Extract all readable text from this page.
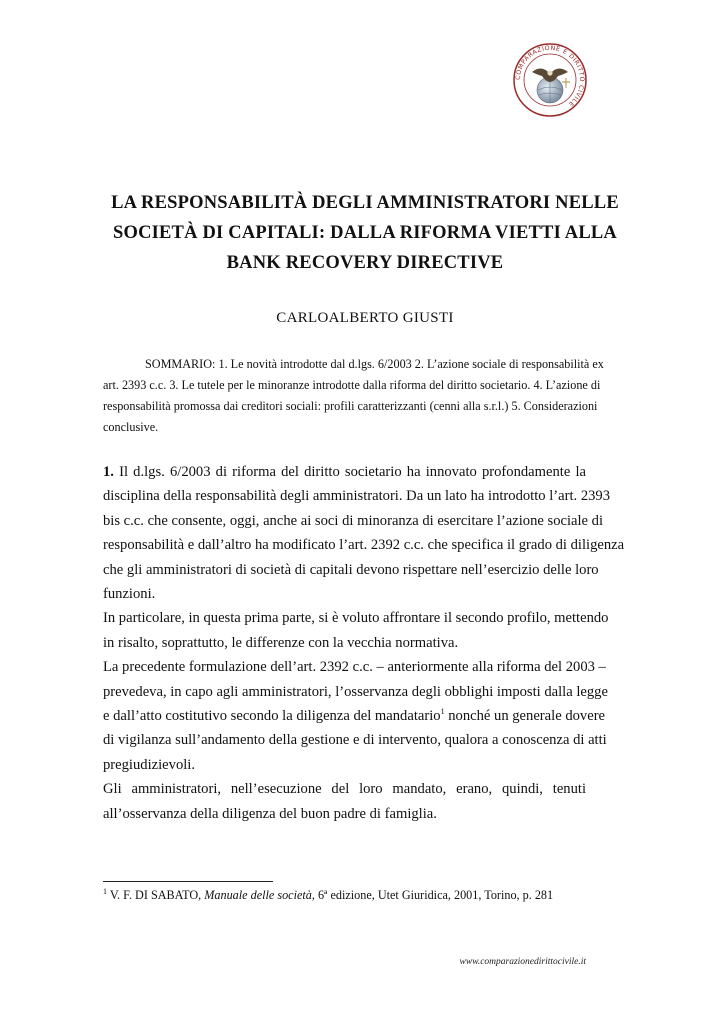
COMPARAZIONE E DIRITTO CIVILE
LA RESPONSABILITÀ DEGLI AMMINISTRATORI NELLE
SOCIETÀ DI CAPITALI: DALLA RIFORMA VIETTI ALLA
BANK RECOVERY DIRECTIVE
CARLOALBERTO GIUSTI
SOMMARIO: 1. Le novità introdotte dal d.lgs. 6/2003 2. L’azione sociale di responsabilità ex
art. 2393 c.c. 3. Le tutele per le minoranze introdotte dalla riforma del diritto societario. 4. L’azione di
responsabilità promossa dai creditori sociali: profili caratterizzanti (cenni alla s.r.l.) 5. Considerazioni
conclusive.
1. Il d.lgs. 6/2003 di riforma del diritto societario ha innovato profondamente la
disciplina della responsabilità degli amministratori. Da un lato ha introdotto l’art. 2393
bis c.c. che consente, oggi, anche ai soci di minoranza di esercitare l’azione sociale di
responsabilità e dall’altro ha modificato l’art. 2392 c.c. che specifica il grado di diligenza
che gli amministratori di società di capitali devono rispettare nell’esercizio delle loro
funzioni.
In particolare, in questa prima parte, si è voluto affrontare il secondo profilo, mettendo
in risalto, soprattutto, le differenze con la vecchia normativa.
La precedente formulazione dell’art. 2392 c.c. – anteriormente alla riforma del 2003 –
prevedeva, in capo agli amministratori, l’osservanza degli obblighi imposti dalla legge
e dall’atto costitutivo secondo la diligenza del mandatario$^1$ nonché un generale dovere
di vigilanza sull’andamento della gestione e di intervento, qualora a conoscenza di atti
pregiudizievoli.
Gli amministratori, nell’esecuzione del loro mandato, erano, quindi, tenuti
all’osservanza della diligenza del buon padre di famiglia.
$^1$ V. F. DI SABATO, Manuale delle società, 6ª edizione, Utet Giuridica, 2001, Torino, p. 281
www.comparazionedirittocivile.it
